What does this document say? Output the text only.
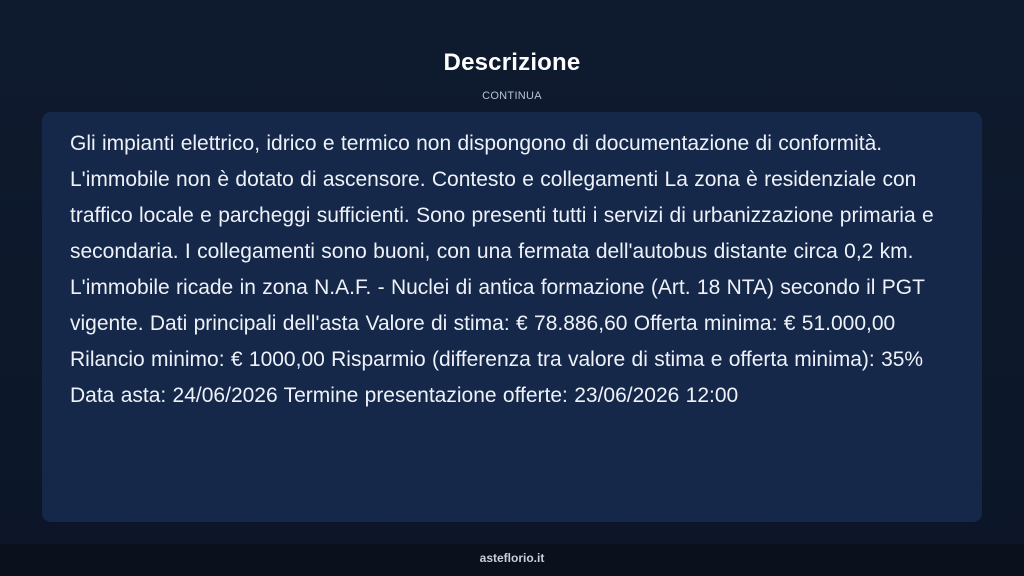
Descrizione
CONTINUA

Gli impianti elettrico, idrico e termico non dispongono di documentazione di conformità. L'immobile non è dotato di ascensore. Contesto e collegamenti La zona è residenziale con traffico locale e parcheggi sufficienti. Sono presenti tutti i servizi di urbanizzazione primaria e secondaria. I collegamenti sono buoni, con una fermata dell'autobus distante circa 0,2 km. L'immobile ricade in zona N.A.F. - Nuclei di antica formazione (Art. 18 NTA) secondo il PGT vigente. Dati principali dell'asta Valore di stima: € 78.886,60 Offerta minima: € 51.000,00 Rilancio minimo: € 1000,00 Risparmio (differenza tra valore di stima e offerta minima): 35% Data asta: 24/06/2026 Termine presentazione offerte: 23/06/2026 12:00

asteflorio.it
